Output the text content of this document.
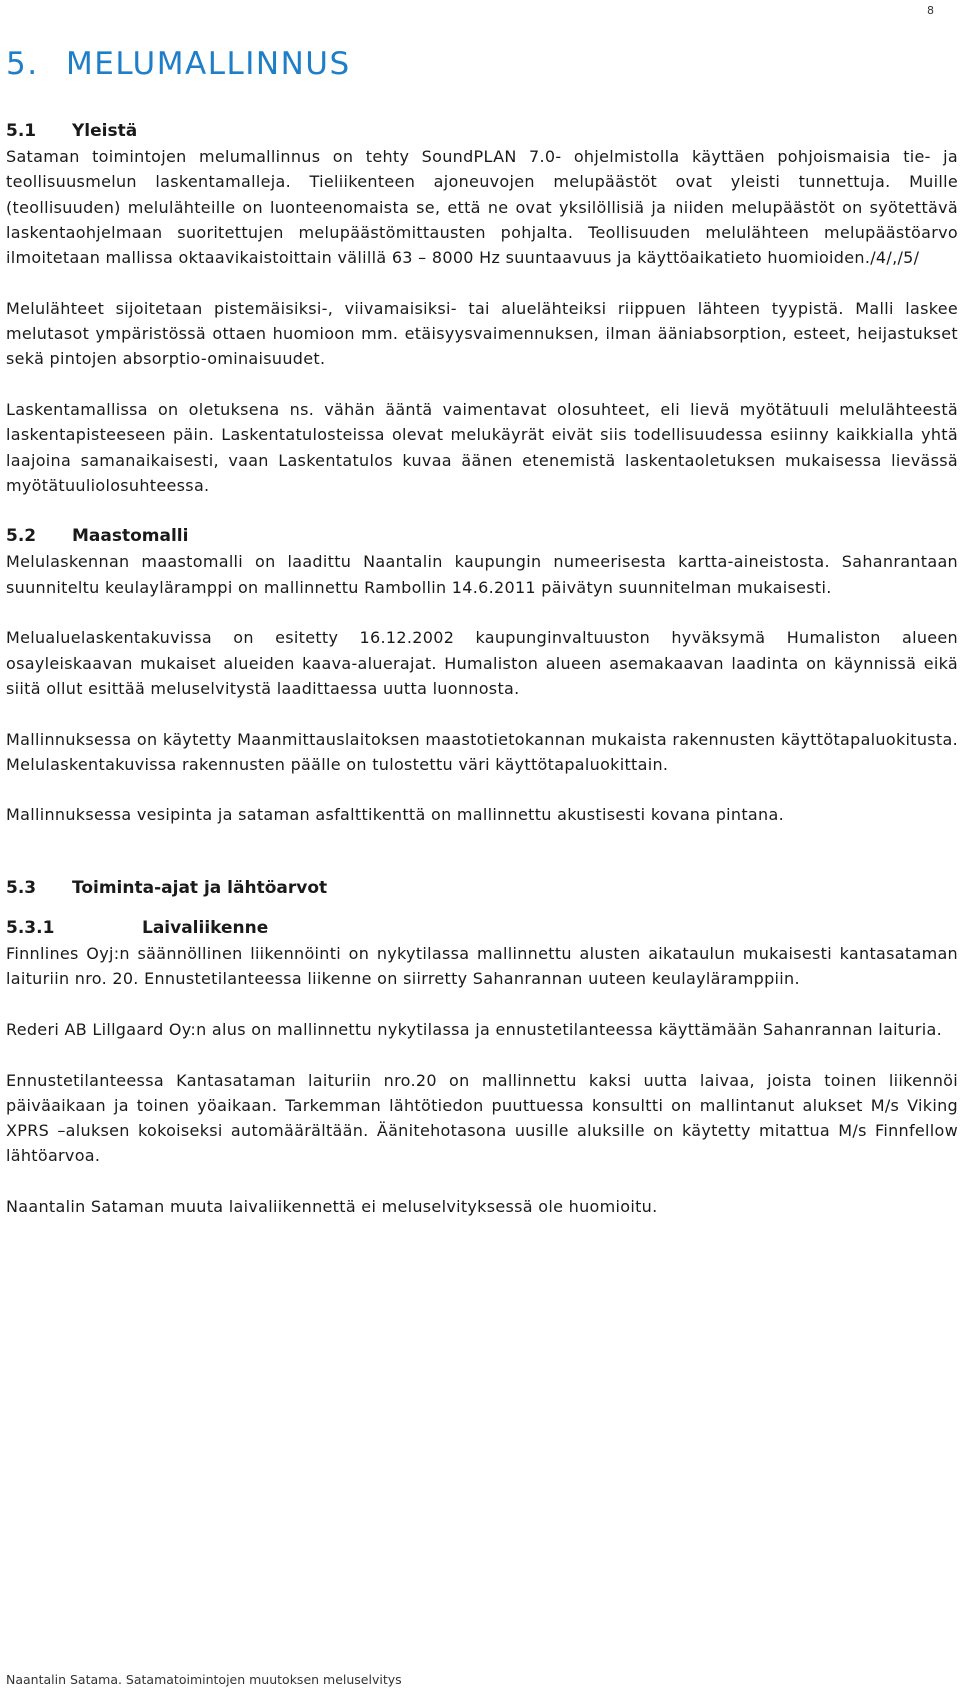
8
5. MELUMALLINNUS
5.1 Yleistä

Sataman toimintojen melumallinnus on tehty SoundPLAN 7.0- ohjelmistolla käyttäen pohjoismaisia tie- ja teollisuusmelun laskentamalleja. Tieliikenteen ajoneuvojen melupäästöt ovat yleisti tunnettuja. Muille (teollisuuden) melulähteille on luonteenomaista se, että ne ovat yksilöllisiä ja niiden melupäästöt on syötettävä laskentaohjelmaan suoritettujen melupäästömittausten pohjalta. Teollisuuden melulähteen melupäästöarvo ilmoitetaan mallissa oktaavikaistoittain välillä 63 – 8000 Hz suuntaavuus ja käyttöaikatieto huomioiden./4/,/5/

Melulähteet sijoitetaan pistemäisiksi-, viivamaisiksi- tai aluelähteiksi riippuen lähteen tyypistä. Malli laskee melutasot ympäristössä ottaen huomioon mm. etäisyysvaimennuksen, ilman ääniabsorption, esteet, heijastukset sekä pintojen absorptio-ominaisuudet.

Laskentamallissa on oletuksena ns. vähän ääntä vaimentavat olosuhteet, eli lievä myötätuuli melulähteestä laskentapisteeseen päin. Laskentatulosteissa olevat melukäyrät eivät siis todellisuudessa esiinny kaikkialla yhtä laajoina samanaikaisesti, vaan Laskentatulos kuvaa äänen etenemistä laskentaoletuksen mukaisessa lievässä myötätuuliolosuhteessa.

5.2 Maastomalli

Melulaskennan maastomalli on laadittu Naantalin kaupungin numeerisesta kartta-aineistosta. Sahanrantaan suunniteltu keulayläramppi on mallinnettu Rambollin 14.6.2011 päivätyn suunnitelman mukaisesti.

Melualuelaskentakuvissa on esitetty 16.12.2002 kaupunginvaltuuston hyväksymä Humaliston alueen osayleiskaavan mukaiset alueiden kaava-aluerajat. Humaliston alueen asemakaavan laadinta on käynnissä eikä siitä ollut esittää meluselvitystä laadittaessa uutta luonnosta.

Mallinnuksessa on käytetty Maanmittauslaitoksen maastotietokannan mukaista rakennusten käyttötapaluokitusta. Melulaskentakuvissa rakennusten päälle on tulostettu väri käyttötapaluokittain.

Mallinnuksessa vesipinta ja sataman asfalttikenttä on mallinnettu akustisesti kovana pintana.

5.3 Toiminta-ajat ja lähtöarvot
5.3.1	Laivaliikenne

Finnlines Oyj:n säännöllinen liikennöinti on nykytilassa mallinnettu alusten aikataulun mukaisesti kantasataman laituriin nro. 20. Ennustetilanteessa liikenne on siirretty Sahanrannan uuteen keulayläramppiin.

Rederi AB Lillgaard Oy:n alus on mallinnettu nykytilassa ja ennustetilanteessa käyttämään Sahanrannan laituria.

Ennustetilanteessa Kantasataman laituriin nro.20 on mallinnettu kaksi uutta laivaa, joista toinen liikennöi päiväaikaan ja toinen yöaikaan. Tarkemman lähtötiedon puuttuessa konsultti on mallintanut alukset M/s Viking XPRS –aluksen kokoiseksi automäärältään. Äänitehotasona uusille aluksille on käytetty mitattua M/s Finnfellow lähtöarvoa.

Naantalin Sataman muuta laivaliikennettä ei meluselvityksessä ole huomioitu.

Naantalin Satama. Satamatoimintojen muutoksen meluselvitys
